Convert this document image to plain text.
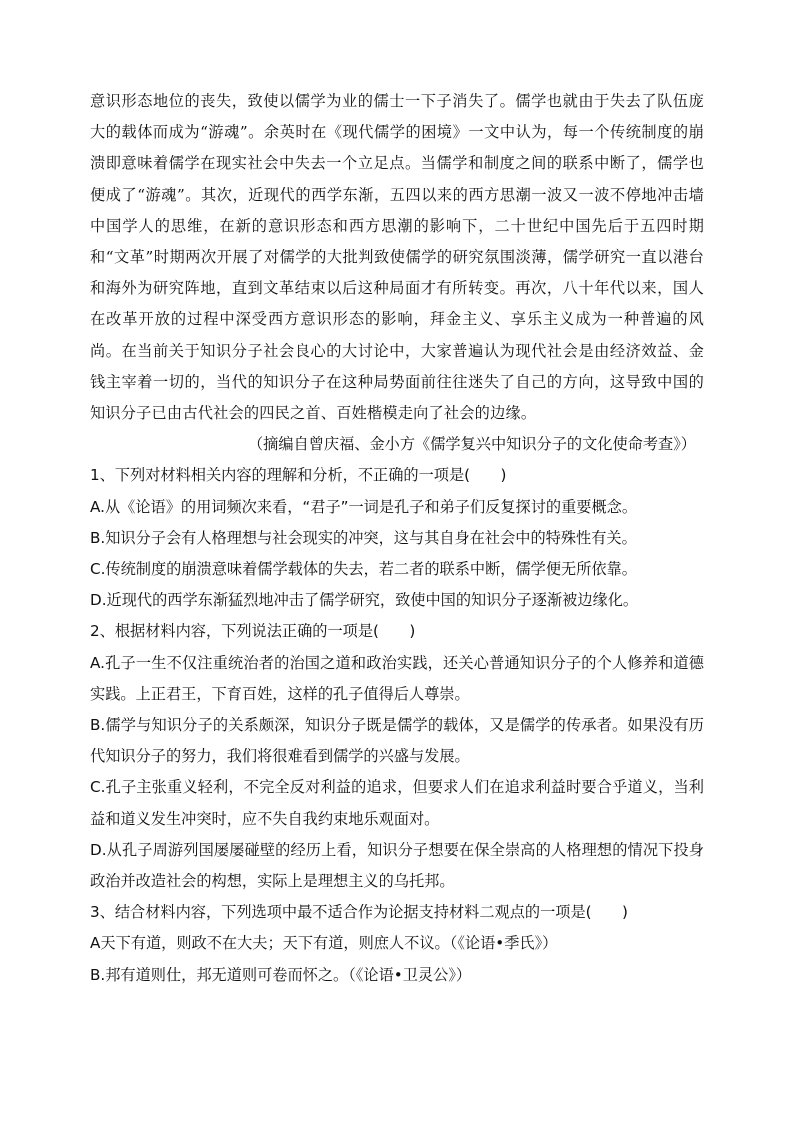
意识形态地位的丧失，致使以儒学为业的儒士一下子消失了。儒学也就由于失去了队伍庞大的载体而成为“游魂”。余英时在《现代儒学的困境》一文中认为，每一个传统制度的崩溃即意味着儒学在现实社会中失去一个立足点。当儒学和制度之间的联系中断了，儒学也便成了“游魂”。其次，近现代的西学东渐，五四以来的西方思潮一波又一波不停地冲击墙中国学人的思维，在新的意识形态和西方思潮的影响下，二十世纪中国先后于五四时期和“文革”时期两次开展了对儒学的大批判致使儒学的研究氛围淡薄，儒学研究一直以港台和海外为研究阵地，直到文革结束以后这种局面才有所转变。再次，八十年代以来，国人在改革开放的过程中深受西方意识形态的影响，拜金主义、享乐主义成为一种普遍的风尚。在当前关于知识分子社会良心的大讨论中，大家普遍认为现代社会是由经济效益、金钱主宰着一切的，当代的知识分子在这种局势面前往往迷失了自己的方向，这导致中国的知识分子已由古代社会的四民之首、百姓楷模走向了社会的边缘。

（摘编自曾庆福、金小方《儒学复兴中知识分子的文化使命考查》）

1、下列对材料相关内容的理解和分析，不正确的一项是(　　)

A.从《论语》的用词频次来看，“君子”一词是孔子和弟子们反复探讨的重要概念。

B.知识分子会有人格理想与社会现实的冲突，这与其自身在社会中的特殊性有关。

C.传统制度的崩溃意味着儒学载体的失去，若二者的联系中断，儒学便无所依靠。

D.近现代的西学东渐猛烈地冲击了儒学研究，致使中国的知识分子逐渐被边缘化。

2、根据材料内容，下列说法正确的一项是(　　)

A.孔子一生不仅注重统治者的治国之道和政治实践，还关心普通知识分子的个人修养和道德实践。上正君王，下育百姓，这样的孔子值得后人尊崇。

B.儒学与知识分子的关系颇深，知识分子既是儒学的载体，又是儒学的传承者。如果没有历代知识分子的努力，我们将很难看到儒学的兴盛与发展。

C.孔子主张重义轻利，不完全反对利益的追求，但要求人们在追求利益时要合乎道义，当利益和道义发生冲突时，应不失自我约束地乐观面对。

D.从孔子周游列国屡屡碰壁的经历上看，知识分子想要在保全崇高的人格理想的情况下投身政治并改造社会的构想，实际上是理想主义的乌托邦。

3、结合材料内容，下列选项中最不适合作为论据支持材料二观点的一项是(　　)

A天下有道，则政不在大夫；天下有道，则庶人不议。（《论语•季氏》）

B.邦有道则仕，邦无道则可卷而怀之。（《论语•卫灵公》）
